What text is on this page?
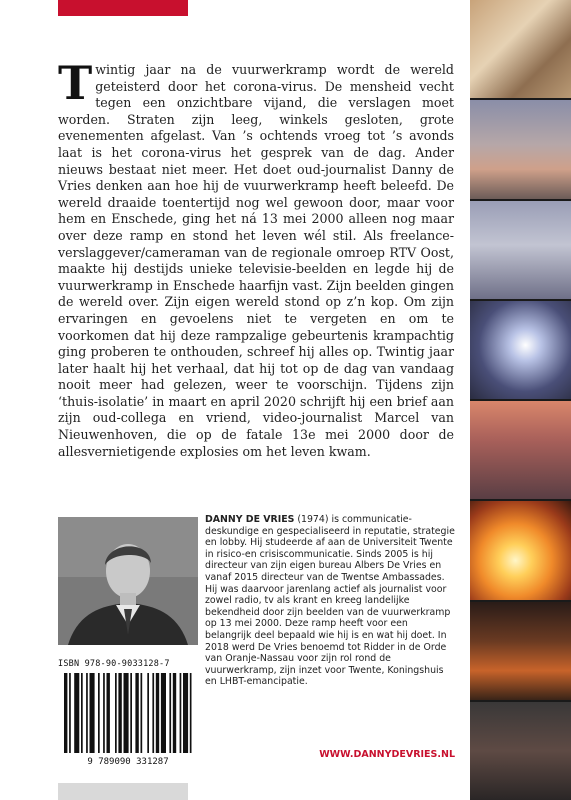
Twintig jaar na de vuurwerkramp wordt de wereld geteisterd door het corona-virus. De mensheid vecht tegen een onzichtbare vijand, die verslagen moet worden. Straten zijn leeg, winkels gesloten, grote evenementen afgelast. Van ’s ochtends vroeg tot ’s avonds laat is het corona-virus het gesprek van de dag. Ander nieuws bestaat niet meer. Het doet oud-journalist Danny de Vries denken aan hoe hij de vuurwerkramp heeft beleefd. De wereld draaide toentertijd nog wel gewoon door, maar voor hem en Enschede, ging het ná 13 mei 2000 alleen nog maar over deze ramp en stond het leven wél stil. Als freelance-verslaggever/cameraman van de regionale omroep RTV Oost, maakte hij destijds unieke televisie-beelden en legde hij de vuurwerkramp in Enschede haarfijn vast. Zijn beelden gingen de wereld over. Zijn eigen wereld stond op z’n kop. Om zijn ervaringen en gevoelens niet te vergeten en om te voorkomen dat hij deze rampzalige gebeurtenis krampachtig ging proberen te onthouden, schreef hij alles op. Twintig jaar later haalt hij het verhaal, dat hij tot op de dag van vandaag nooit meer had gelezen, weer te voorschijn. Tijdens zijn ‘thuis-isolatie’ in maart en april 2020 schrijft hij een brief aan zijn oud-collega en vriend, video-journalist Marcel van Nieuwenhoven, die op de fatale 13e mei 2000 door de allesvernietigende explosies om het leven kwam.

DANNY DE VRIES (1974) is communicatie-deskundige en gespecialiseerd in reputatie, strategie en lobby. Hij studeerde af aan de Universiteit Twente in risico-en crisiscommunicatie. Sinds 2005 is hij directeur van zijn eigen bureau Albers De Vries en vanaf 2015 directeur van de Twentse Ambassades. Hij was daarvoor jarenlang actief als journalist voor zowel radio, tv als krant en kreeg landelijke bekendheid door zijn beelden van de vuurwerkramp op 13 mei 2000. Deze ramp heeft voor een belangrijk deel bepaald wie hij is en wat hij doet. In 2018 werd De Vries benoemd tot Ridder in de Orde van Oranje-Nassau voor zijn rol rond de vuurwerkramp, zijn inzet voor Twente, Koningshuis en LHBT-emancipatie.

ISBN 978-90-9033128-7
9 789090 331287
WWW.DANNYDEVRIES.NL
